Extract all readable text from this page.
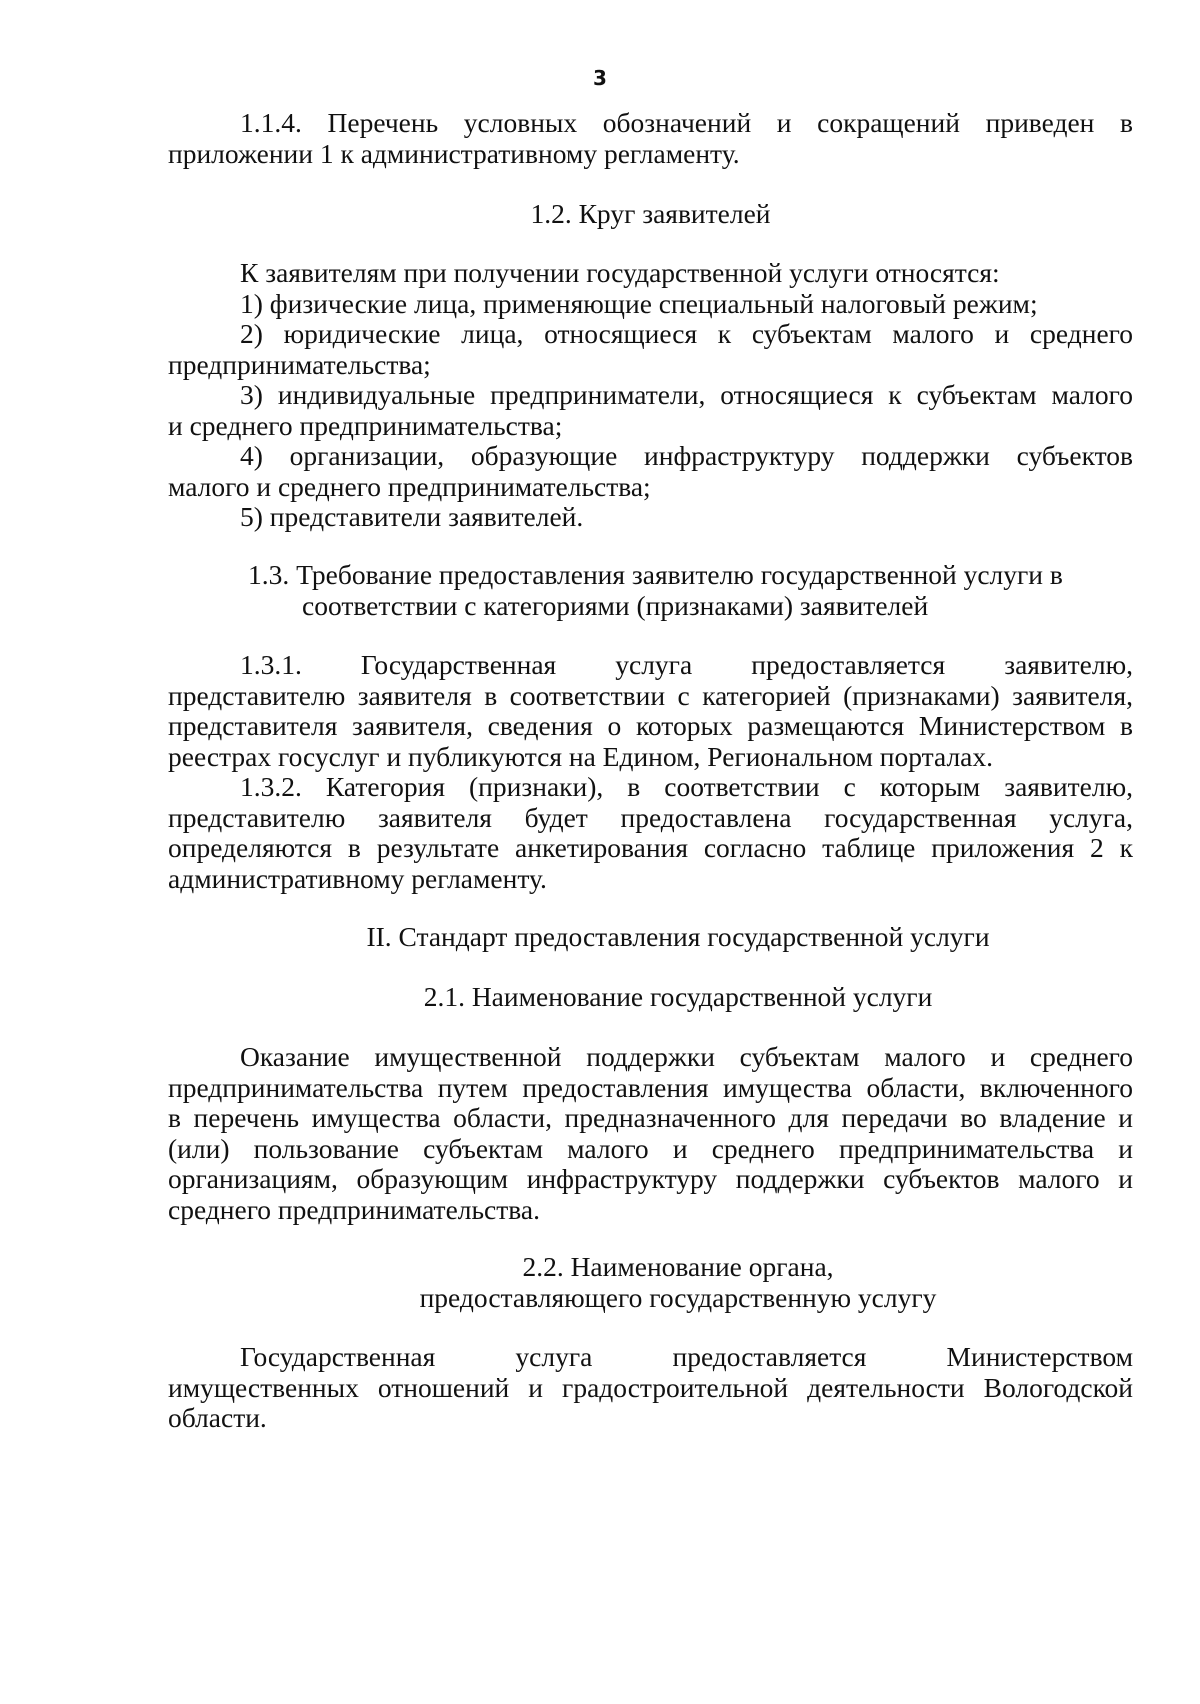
3
1.1.4. Перечень условных обозначений и сокращений приведен в
приложении 1 к административному регламенту.
1.2. Круг заявителей
К заявителям при получении государственной услуги относятся:
1) физические лица, применяющие специальный налоговый режим;
2) юридические лица, относящиеся к субъектам малого и среднего
предпринимательства;
3) индивидуальные предприниматели, относящиеся к субъектам малого
и среднего предпринимательства;
4) организации, образующие инфраструктуру поддержки субъектов
малого и среднего предпринимательства;
5) представители заявителей.
1.3. Требование предоставления заявителю государственной услуги в
соответствии с категориями (признаками) заявителей
1.3.1. Государственная услуга предоставляется заявителю,
представителю заявителя в соответствии с категорией (признаками) заявителя,
представителя заявителя, сведения о которых размещаются Министерством в
реестрах госуслуг и публикуются на Едином, Региональном порталах.
1.3.2. Категория (признаки), в соответствии с которым заявителю,
представителю заявителя будет предоставлена государственная услуга,
определяются в результате анкетирования согласно таблице приложения 2 к
административному регламенту.
II. Стандарт предоставления государственной услуги
2.1. Наименование государственной услуги
Оказание имущественной поддержки субъектам малого и среднего
предпринимательства путем предоставления имущества области, включенного
в перечень имущества области, предназначенного для передачи во владение и
(или) пользование субъектам малого и среднего предпринимательства и
организациям, образующим инфраструктуру поддержки субъектов малого и
среднего предпринимательства.
2.2. Наименование органа,
предоставляющего государственную услугу
Государственная услуга предоставляется Министерством
имущественных отношений и градостроительной деятельности Вологодской
области.
